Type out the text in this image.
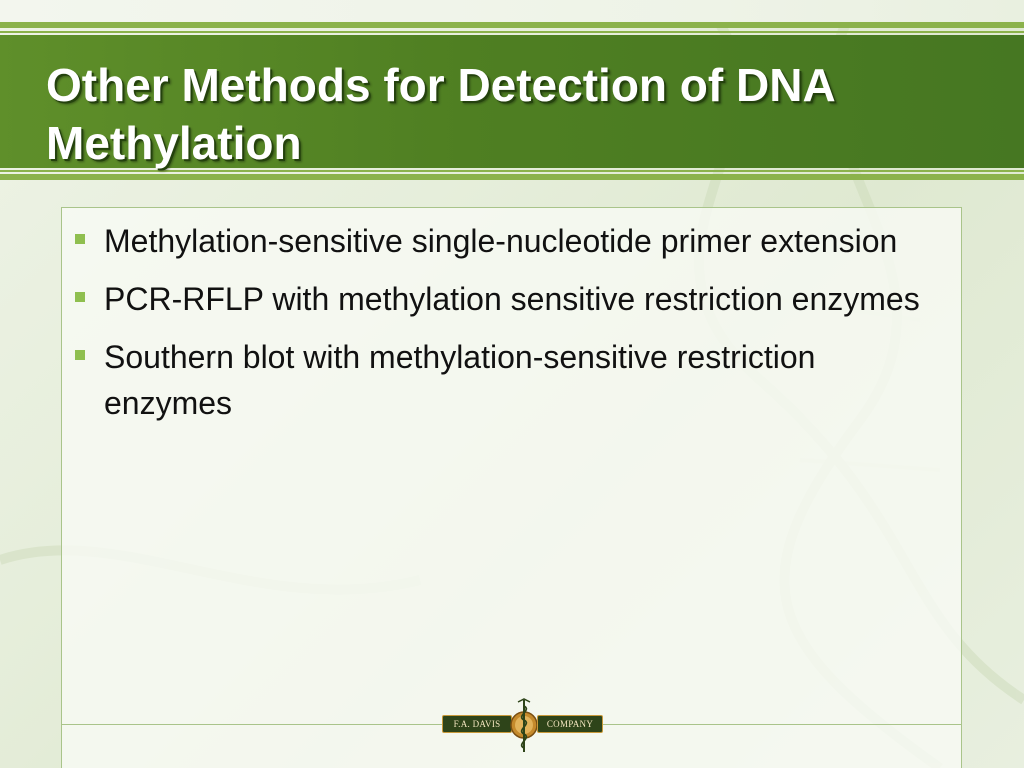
Other Methods for Detection of DNA Methylation
Methylation-sensitive single-nucleotide primer extension
PCR-RFLP with methylation sensitive restriction enzymes
Southern blot with methylation-sensitive restriction enzymes
F.A. DAVIS	COMPANY
